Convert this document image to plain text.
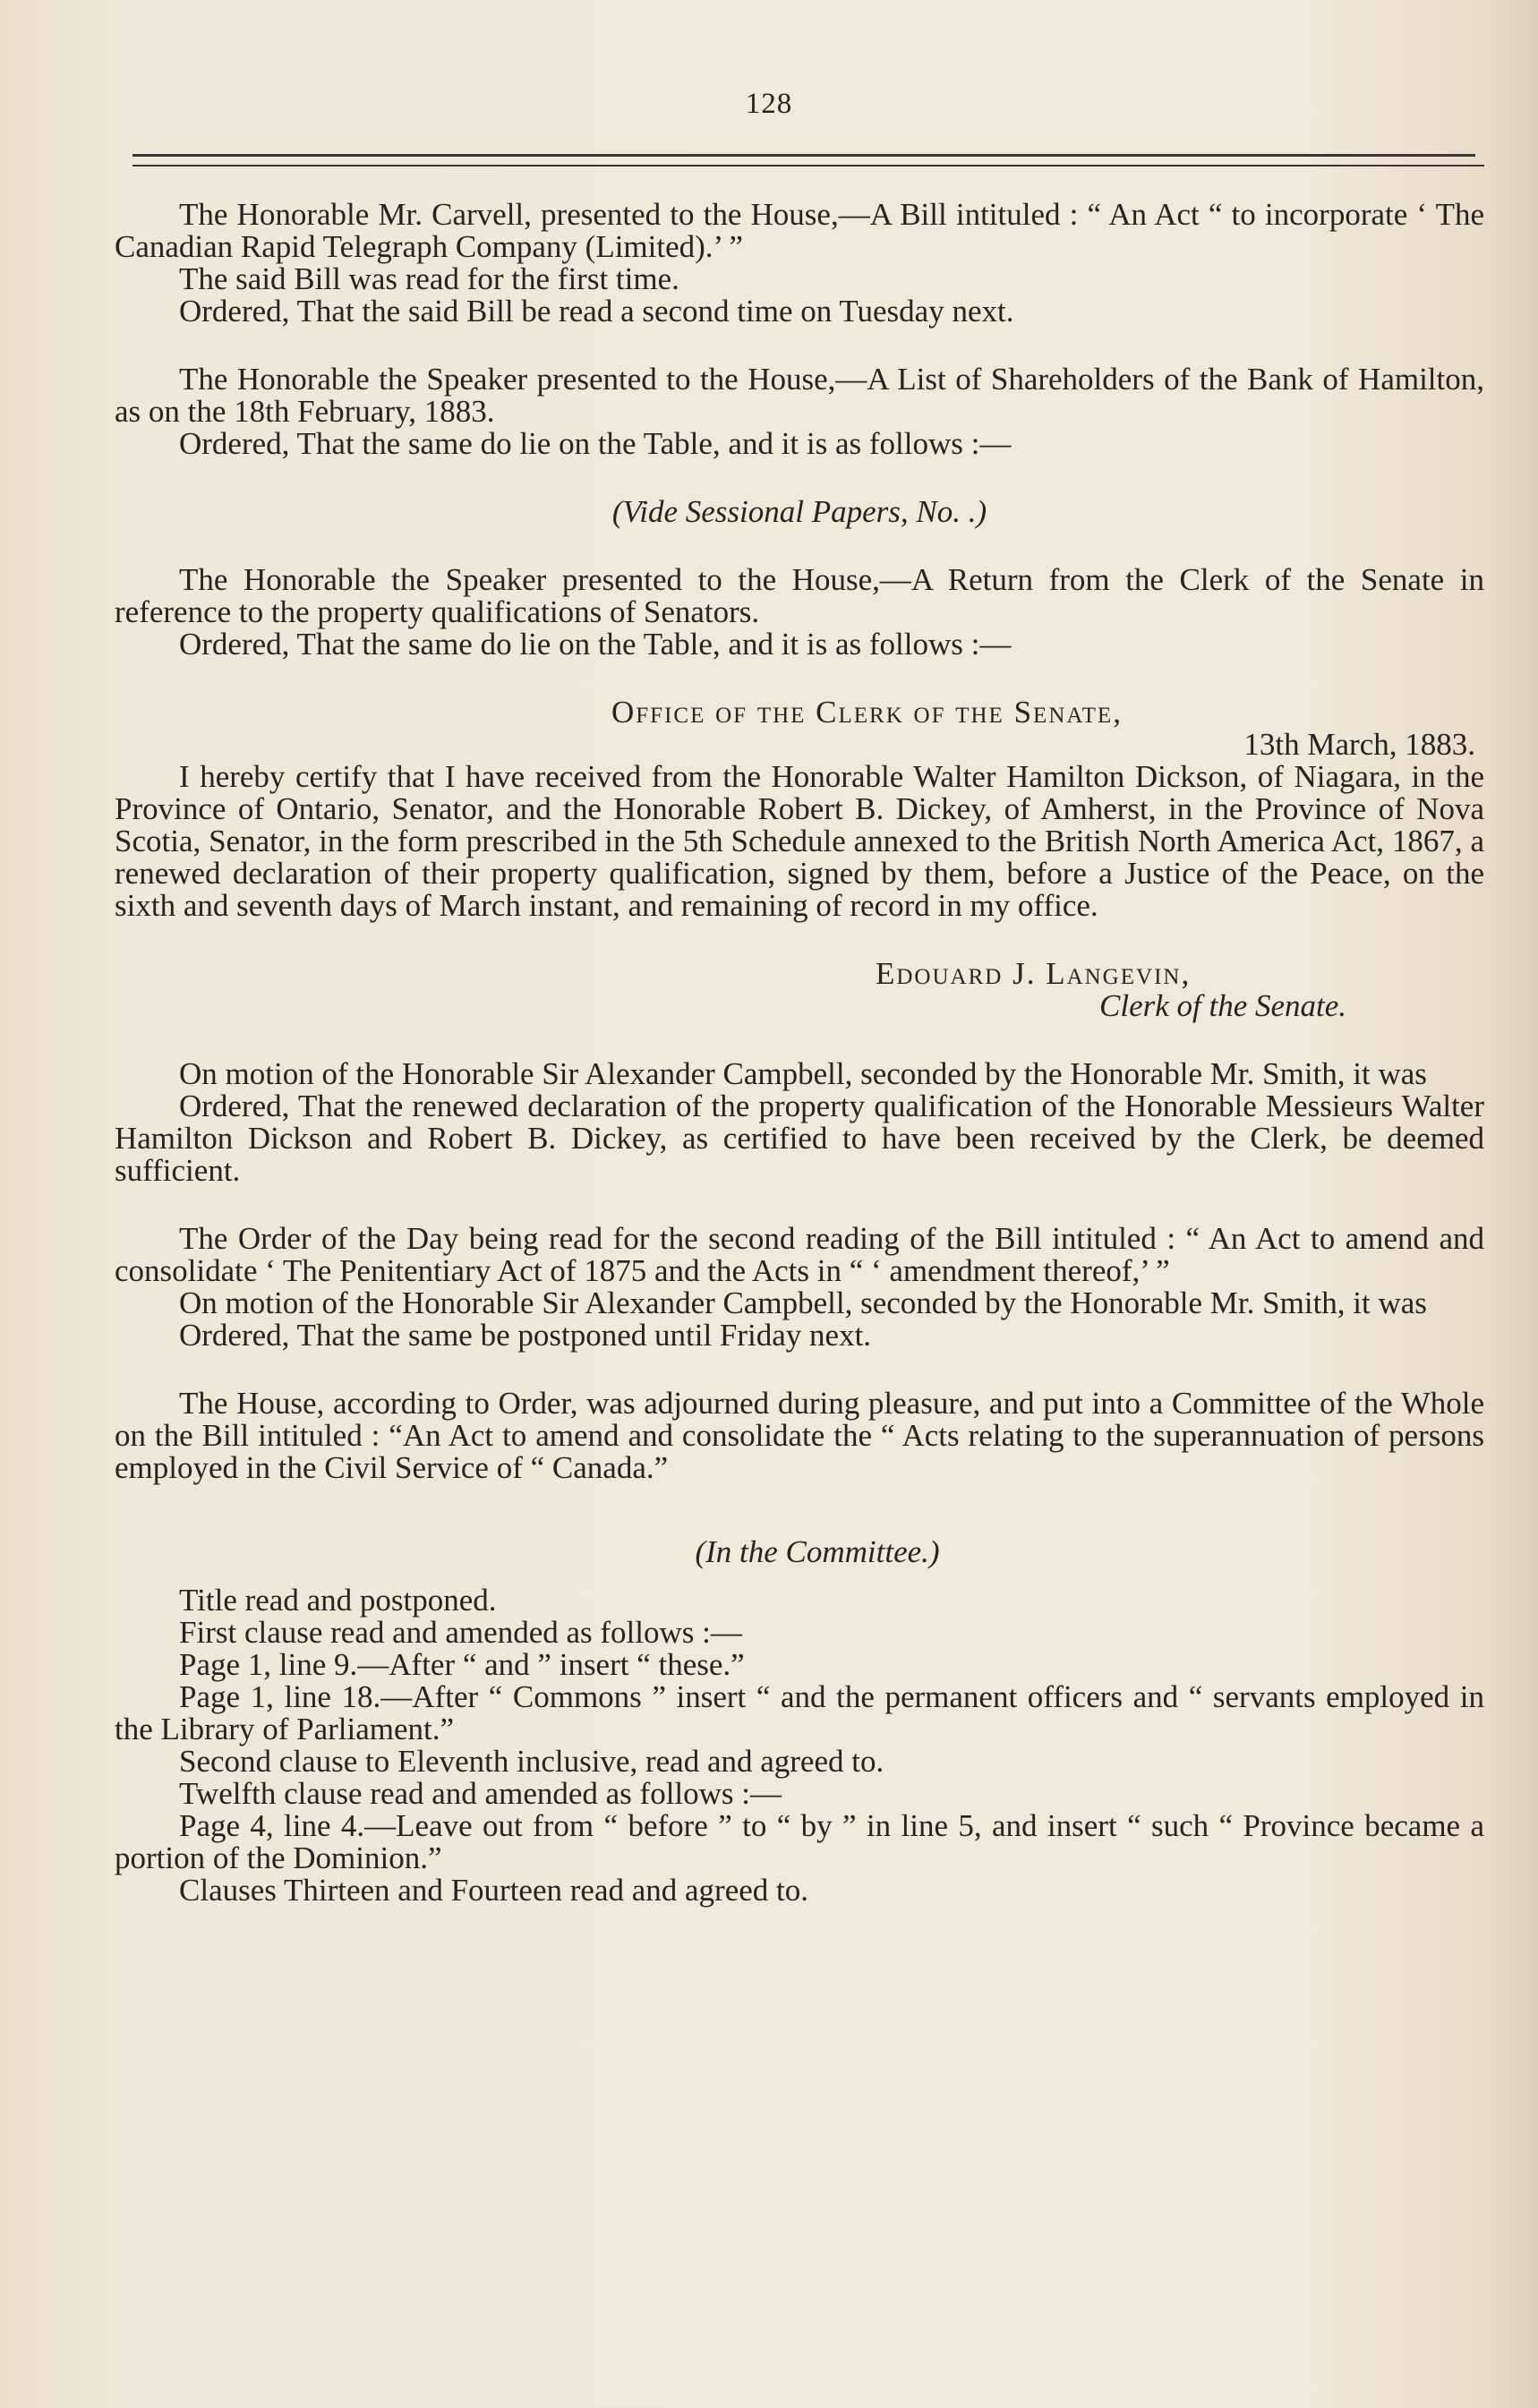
128

The Honorable Mr. Carvell, presented to the House,—A Bill intituled : “ An Act “ to incorporate ‘ The Canadian Rapid Telegraph Company (Limited).’ ”

The said Bill was read for the first time.

Ordered, That the said Bill be read a second time on Tuesday next.

The Honorable the Speaker presented to the House,—A List of Shareholders of the Bank of Hamilton, as on the 18th February, 1883.

Ordered, That the same do lie on the Table, and it is as follows :—

(Vide Sessional Papers, No. .)

The Honorable the Speaker presented to the House,—A Return from the Clerk of the Senate in reference to the property qualifications of Senators.

Ordered, That the same do lie on the Table, and it is as follows :—

Office of the Clerk of the Senate,

13th March, 1883.

I hereby certify that I have received from the Honorable Walter Hamilton Dickson, of Niagara, in the Province of Ontario, Senator, and the Honorable Robert B. Dickey, of Amherst, in the Province of Nova Scotia, Senator, in the form prescribed in the 5th Schedule annexed to the British North America Act, 1867, a renewed declaration of their property qualification, signed by them, before a Justice of the Peace, on the sixth and seventh days of March instant, and remaining of record in my office.

Edouard J. Langevin,

Clerk of the Senate.

On motion of the Honorable Sir Alexander Campbell, seconded by the Honorable Mr. Smith, it was

Ordered, That the renewed declaration of the property qualification of the Honorable Messieurs Walter Hamilton Dickson and Robert B. Dickey, as certified to have been received by the Clerk, be deemed sufficient.

The Order of the Day being read for the second reading of the Bill intituled : “ An Act to amend and consolidate ‘ The Penitentiary Act of 1875 and the Acts in “ ‘ amendment thereof,’ ”

On motion of the Honorable Sir Alexander Campbell, seconded by the Honorable Mr. Smith, it was

Ordered, That the same be postponed until Friday next.

The House, according to Order, was adjourned during pleasure, and put into a Committee of the Whole on the Bill intituled : “An Act to amend and consolidate the “ Acts relating to the superannuation of persons employed in the Civil Service of “ Canada.”

(In the Committee.)

Title read and postponed.

First clause read and amended as follows :—

Page 1, line 9.—After “ and ” insert “ these.”

Page 1, line 18.—After “ Commons ” insert “ and the permanent officers and “ servants employed in the Library of Parliament.”

Second clause to Eleventh inclusive, read and agreed to.

Twelfth clause read and amended as follows :—

Page 4, line 4.—Leave out from “ before ” to “ by ” in line 5, and insert “ such “ Province became a portion of the Dominion.”

Clauses Thirteen and Fourteen read and agreed to.
